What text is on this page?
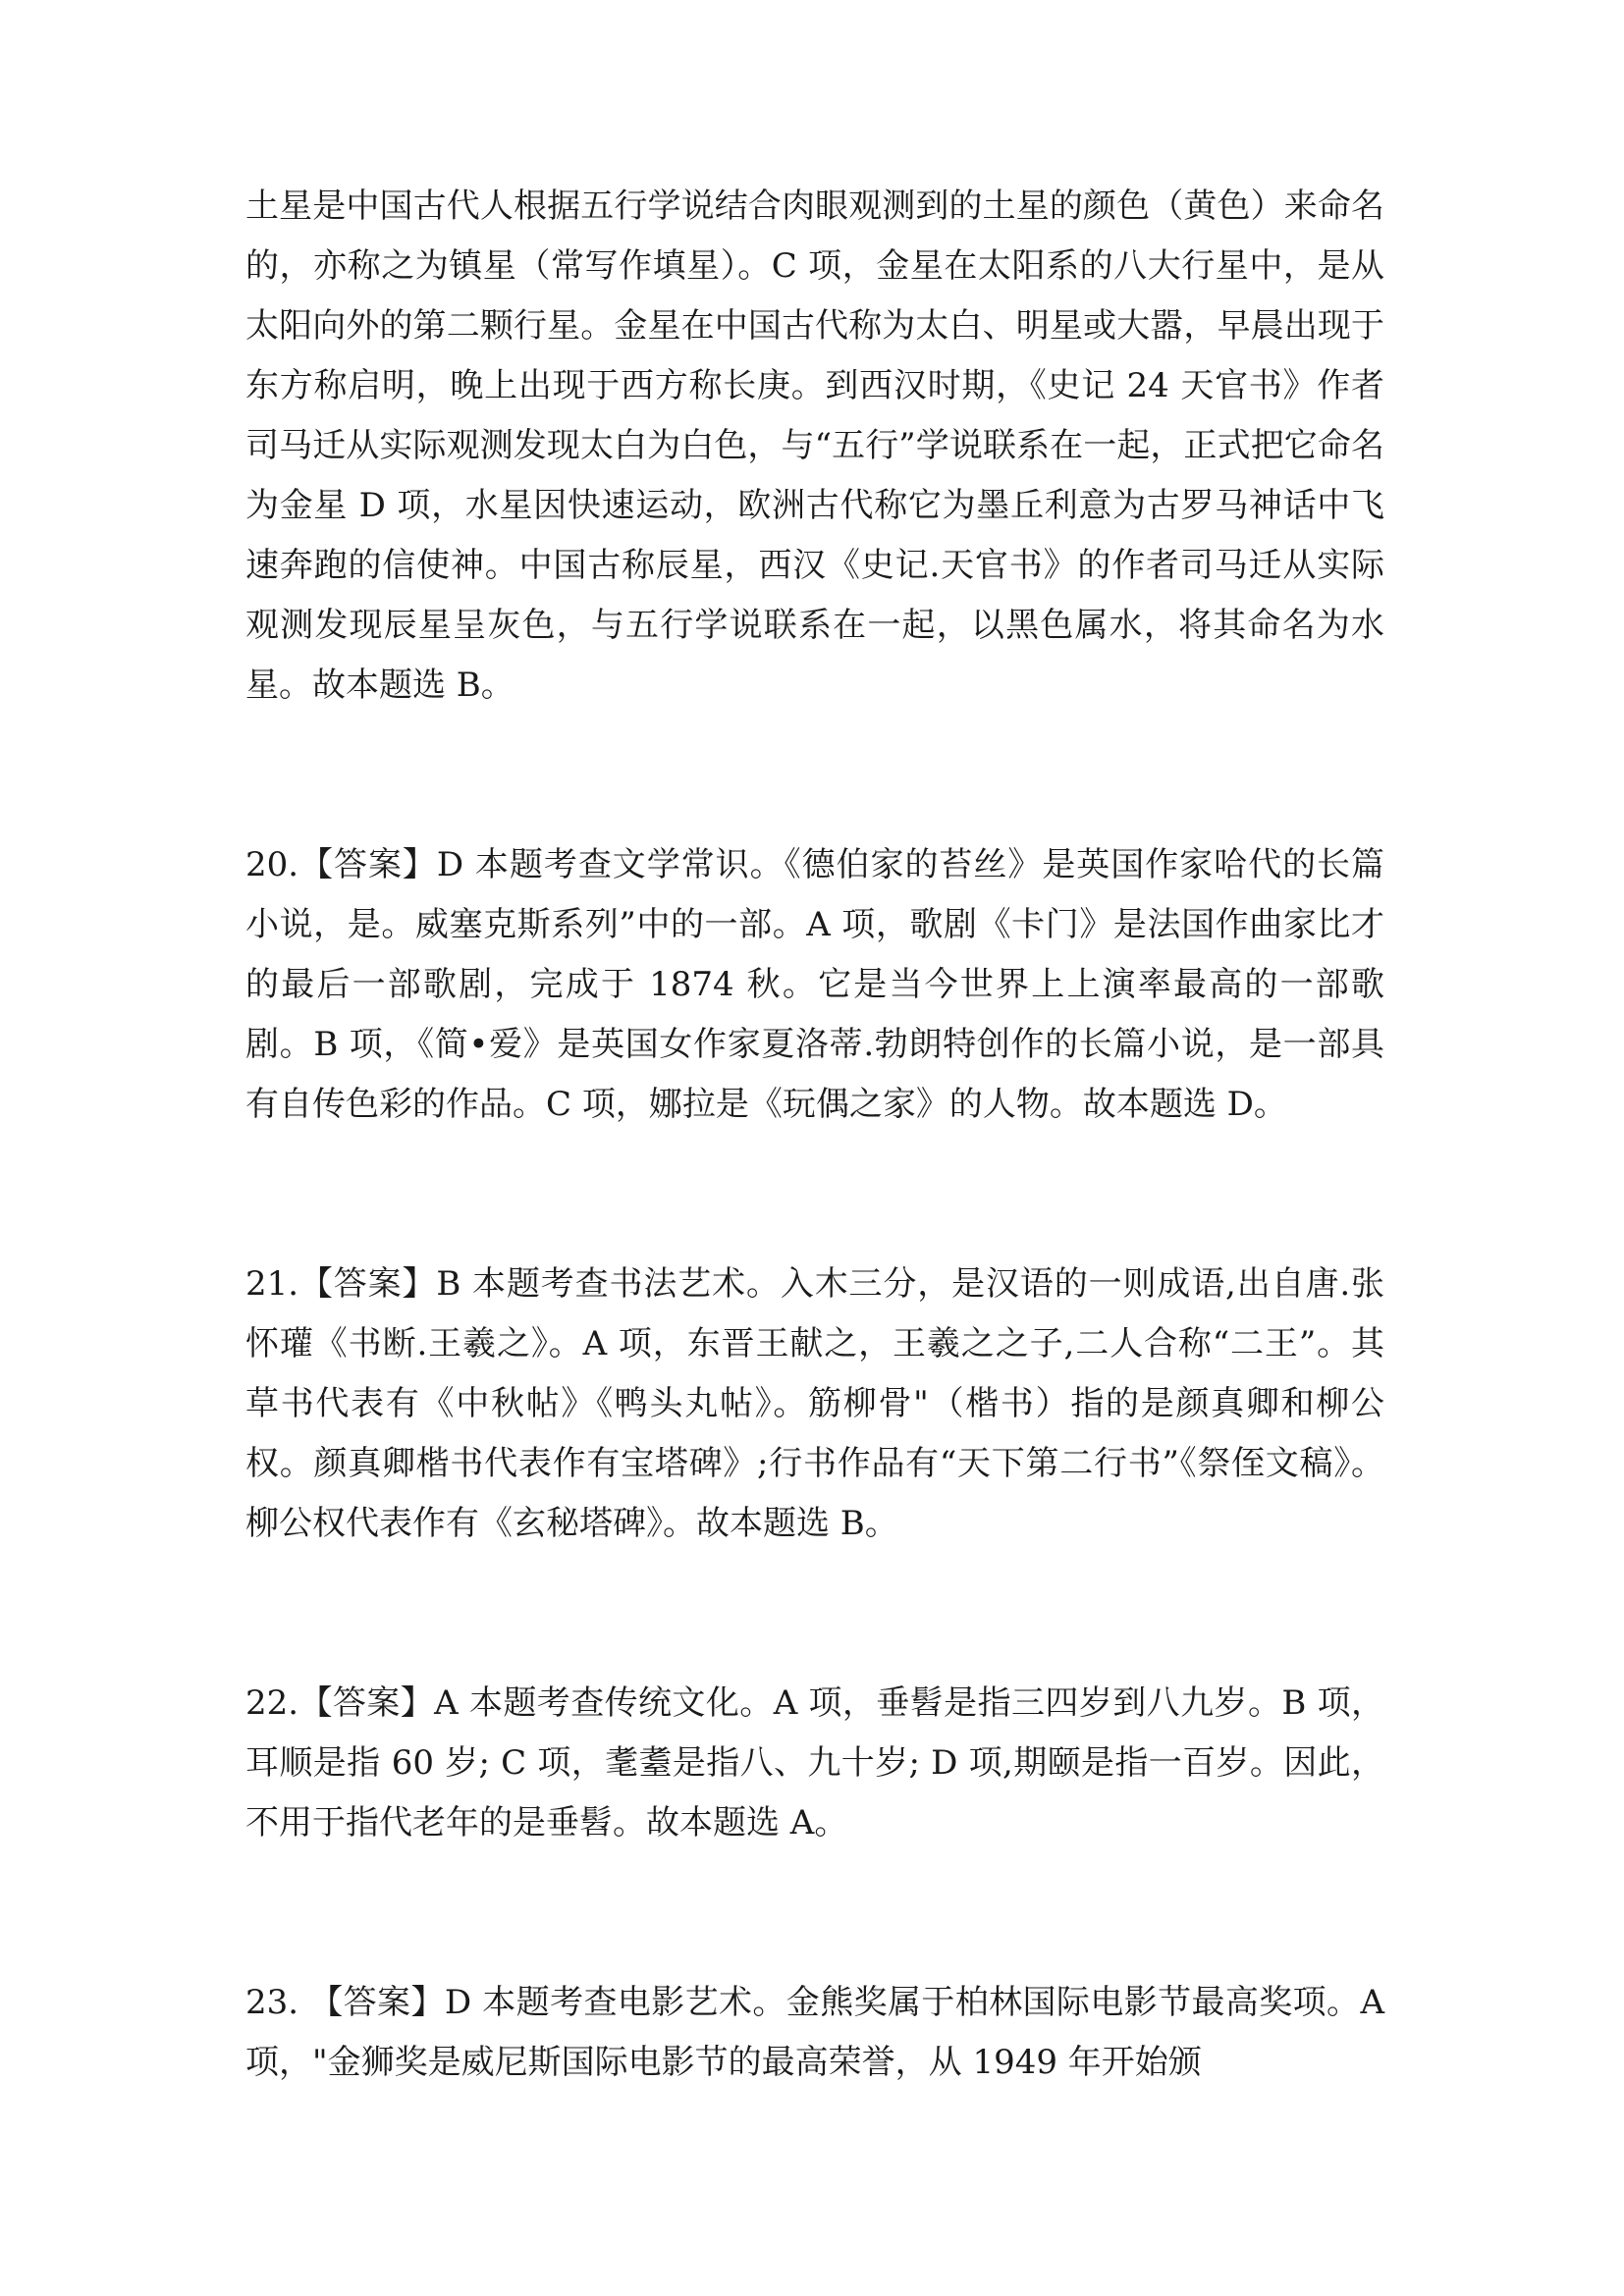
土星是中国古代人根据五行学说结合肉眼观测到的土星的颜色（黄色）来命名的，亦称之为镇星（常写作填星）。C 项，金星在太阳系的八大行星中，是从太阳向外的第二颗行星。金星在中国古代称为太白、明星或大嚣，早晨出现于东方称启明，晚上出现于西方称长庚。到西汉时期，《史记 24 天官书》作者司马迁从实际观测发现太白为白色，与“五行”学说联系在一起，正式把它命名为金星 D 项，水星因快速运动，欧洲古代称它为墨丘利意为古罗马神话中飞速奔跑的信使神。中国古称辰星，西汉《史记.天官书》的作者司马迁从实际观测发现辰星呈灰色，与五行学说联系在一起，以黑色属水，将其命名为水星。故本题选 B。

20.【答案】D 本题考查文学常识。《德伯家的苔丝》是英国作家哈代的长篇小说，是。威塞克斯系列”中的一部。A 项，歌剧《卡门》是法国作曲家比才的最后一部歌剧，完成于 1874 秋。它是当今世界上上演率最高的一部歌剧。B 项，《简•爱》是英国女作家夏洛蒂.勃朗特创作的长篇小说，是一部具有自传色彩的作品。C 项，娜拉是《玩偶之家》的人物。故本题选 D。

21.【答案】B 本题考查书法艺术。入木三分，是汉语的一则成语,出自唐.张怀瓘《书断.王羲之》。A 项，东晋王献之，王羲之之子,二人合称“二王”。其草书代表有《中秋帖》《鸭头丸帖》。筋柳骨"（楷书）指的是颜真卿和柳公权。颜真卿楷书代表作有宝塔碑》;行书作品有“天下第二行书”《祭侄文稿》。柳公权代表作有《玄秘塔碑》。故本题选 B。

22.【答案】A 本题考查传统文化。A 项，垂髫是指三四岁到八九岁。B 项，耳顺是指 60 岁; C 项，耄耋是指八、九十岁; D 项,期颐是指一百岁。因此，不用于指代老年的是垂髫。故本题选 A。

23. 【答案】D 本题考查电影艺术。金熊奖属于柏林国际电影节最高奖项。A 项，"金狮奖是威尼斯国际电影节的最高荣誉，从 1949 年开始颁
